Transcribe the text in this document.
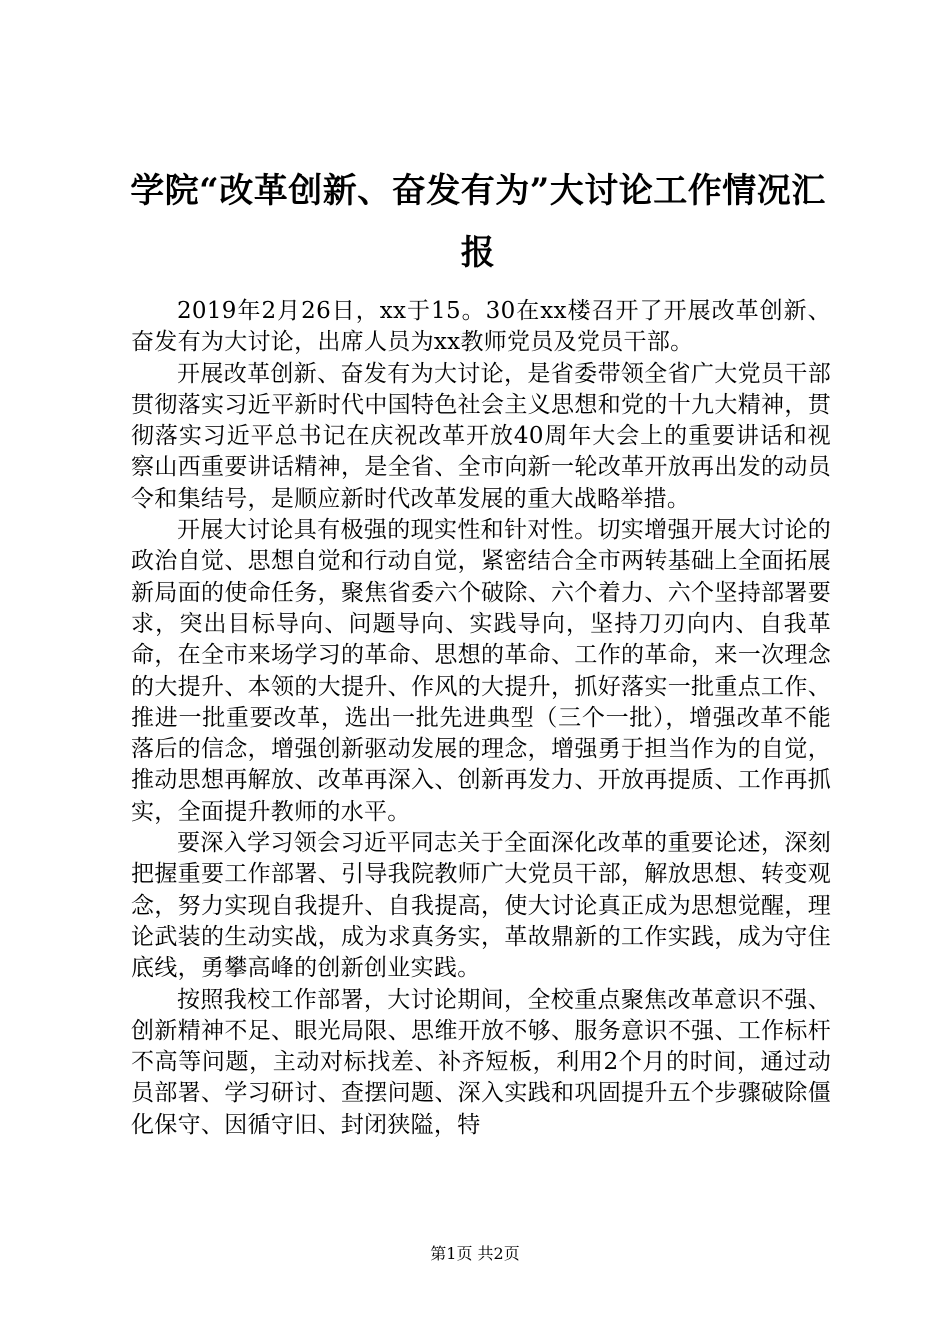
学院“改革创新、奋发有为”大讨论工作情况汇报

2019年2月26日，xx于15。30在xx楼召开了开展改革创新、奋发有为大讨论，出席人员为xx教师党员及党员干部。

开展改革创新、奋发有为大讨论，是省委带领全省广大党员干部贯彻落实习近平新时代中国特色社会主义思想和党的十九大精神，贯彻落实习近平总书记在庆祝改革开放40周年大会上的重要讲话和视察山西重要讲话精神，是全省、全市向新一轮改革开放再出发的动员令和集结号，是顺应新时代改革发展的重大战略举措。

开展大讨论具有极强的现实性和针对性。切实增强开展大讨论的政治自觉、思想自觉和行动自觉，紧密结合全市两转基础上全面拓展新局面的使命任务，聚焦省委六个破除、六个着力、六个坚持部署要求，突出目标导向、问题导向、实践导向，坚持刀刃向内、自我革命，在全市来场学习的革命、思想的革命、工作的革命，来一次理念的大提升、本领的大提升、作风的大提升，抓好落实一批重点工作、推进一批重要改革，选出一批先进典型（三个一批），增强改革不能落后的信念，增强创新驱动发展的理念，增强勇于担当作为的自觉，推动思想再解放、改革再深入、创新再发力、开放再提质、工作再抓实，全面提升教师的水平。

要深入学习领会习近平同志关于全面深化改革的重要论述，深刻把握重要工作部署、引导我院教师广大党员干部，解放思想、转变观念，努力实现自我提升、自我提高，使大讨论真正成为思想觉醒，理论武装的生动实战，成为求真务实，革故鼎新的工作实践，成为守住底线，勇攀高峰的创新创业实践。

按照我校工作部署，大讨论期间，全校重点聚焦改革意识不强、创新精神不足、眼光局限、思维开放不够、服务意识不强、工作标杆不高等问题，主动对标找差、补齐短板，利用2个月的时间，通过动员部署、学习研讨、查摆问题、深入实践和巩固提升五个步骤破除僵化保守、因循守旧、封闭狭隘，特

第1页 共2页
